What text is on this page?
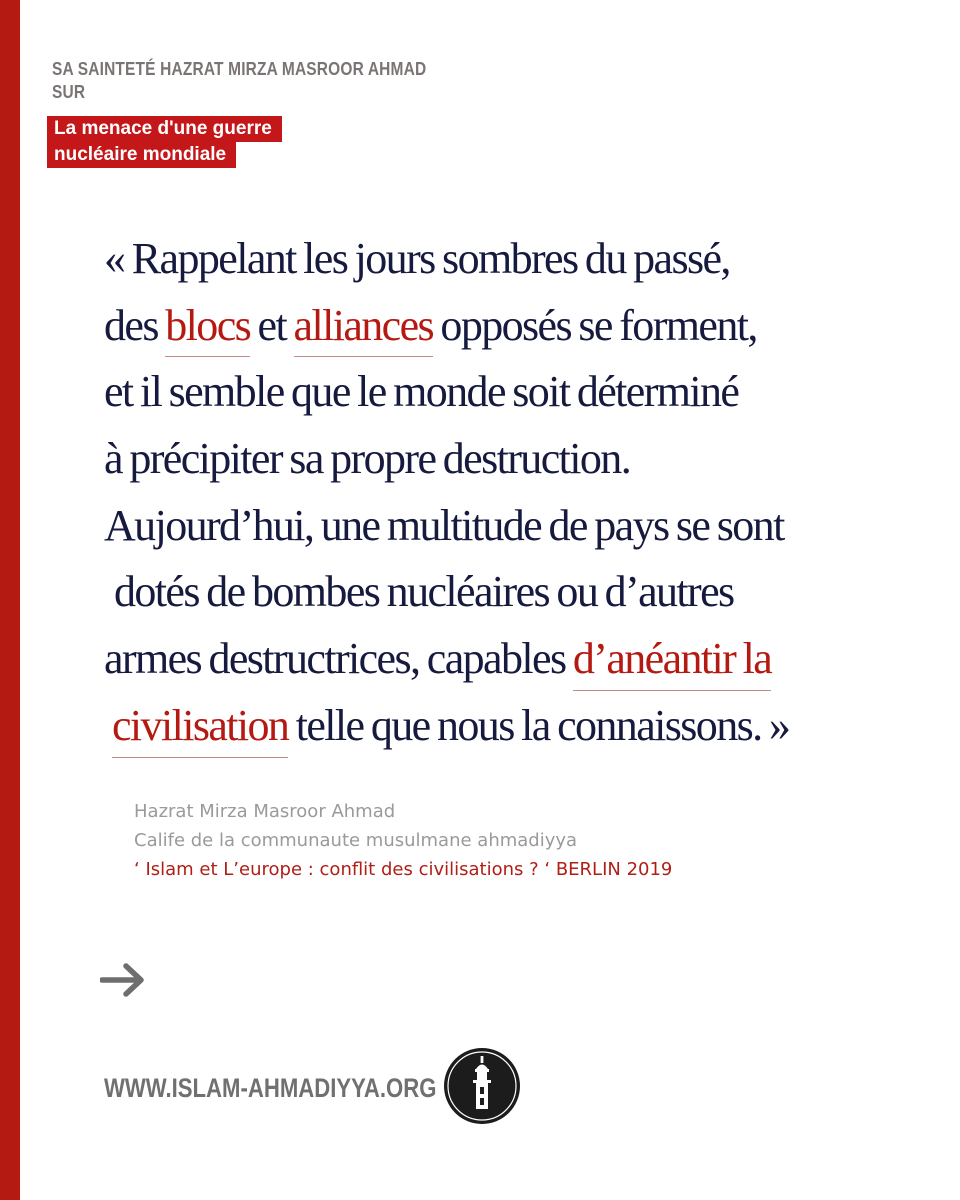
SA SAINTETÉ HAZRAT MIRZA MASROOR AHMAD
SUR
La menace d'une guerre
nucléaire mondiale
« Rappelant les jours sombres du passé,
des blocs et alliances opposés se forment,
et il semble que le monde soit déterminé
à précipiter sa propre destruction.
Aujourd’hui, une multitude de pays se sont
dotés de bombes nucléaires ou d’autres
armes destructrices, capables d’anéantir la
civilisation telle que nous la connaissons. »
Hazrat Mirza Masroor Ahmad
Calife de la communaute musulmane ahmadiyya
‘ Islam et L’europe : conflit des civilisations ? ‘ BERLIN 2019
WWW.ISLAM-AHMADIYYA.ORG
